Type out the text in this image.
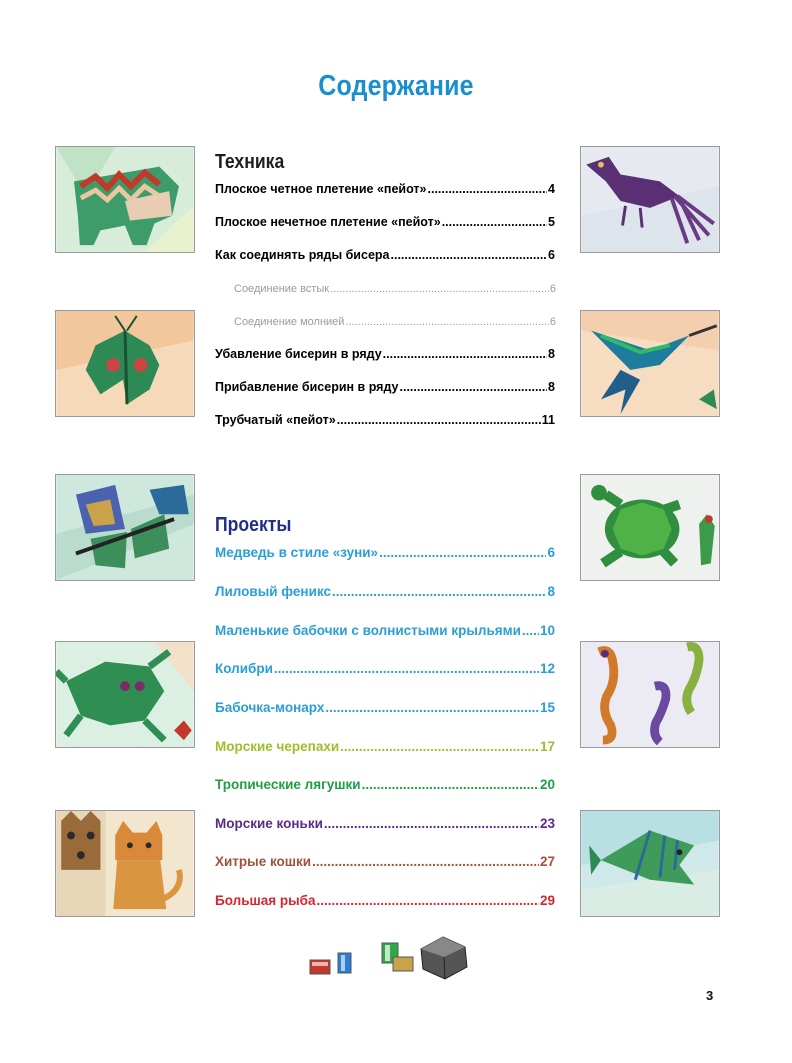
Содержание
Техника
Плоское четное плетение «пейот» .....	4
Плоское нечетное плетение «пейот» .....	5
Как соединять ряды бисера .....	6
Соединение встык .....	6
Соединение молнией .....	6
Убавление бисерин в ряду .....	8
Прибавление бисерин в ряду .....	8
Трубчатый «пейот» .....	11
Проекты
Медведь в стиле «зуни» .....	6
Лиловый феникс .....	8
Маленькие бабочки с волнистыми крыльями ..... 10
Колибри .....	12
Бабочка-монарх .....	15
Морские черепахи .....	17
Тропические лягушки .....	20
Морские коньки .....	23
Хитрые кошки .....	27
Большая рыба .....	29
3
